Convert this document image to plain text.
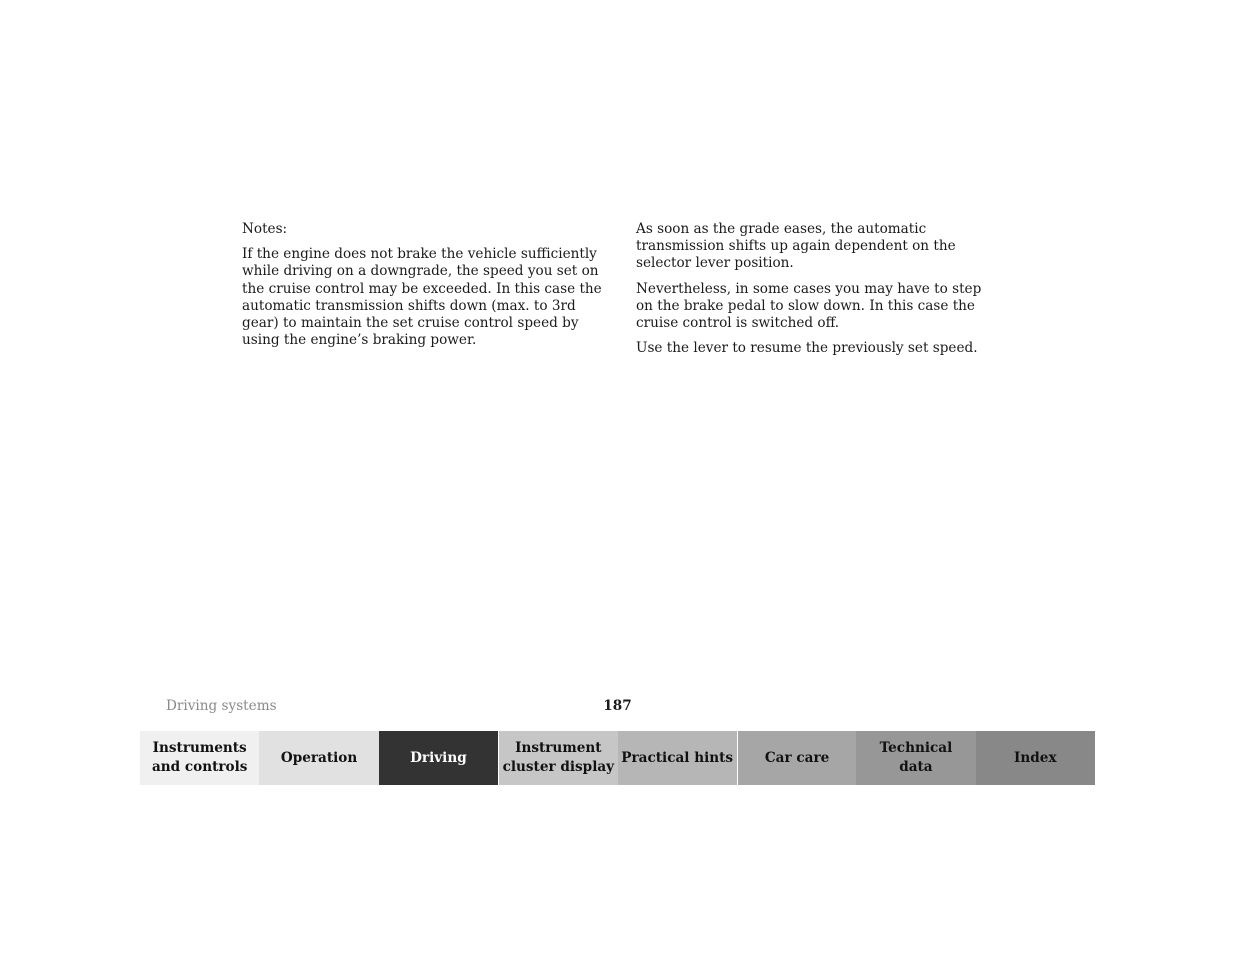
Notes:

If the engine does not brake the vehicle sufficiently while driving on a downgrade, the speed you set on the cruise control may be exceeded. In this case the automatic transmission shifts down (max. to 3rd gear) to maintain the set cruise control speed by using the engine’s braking power.

As soon as the grade eases, the automatic transmission shifts up again dependent on the selector lever position.

Nevertheless, in some cases you may have to step on the brake pedal to slow down. In this case the cruise control is switched off.

Use the lever to resume the previously set speed.

Driving systems	187
Instruments
and controls
Operation	Driving
Instrument
cluster display
Practical hints Car care
Technical
data
Index
